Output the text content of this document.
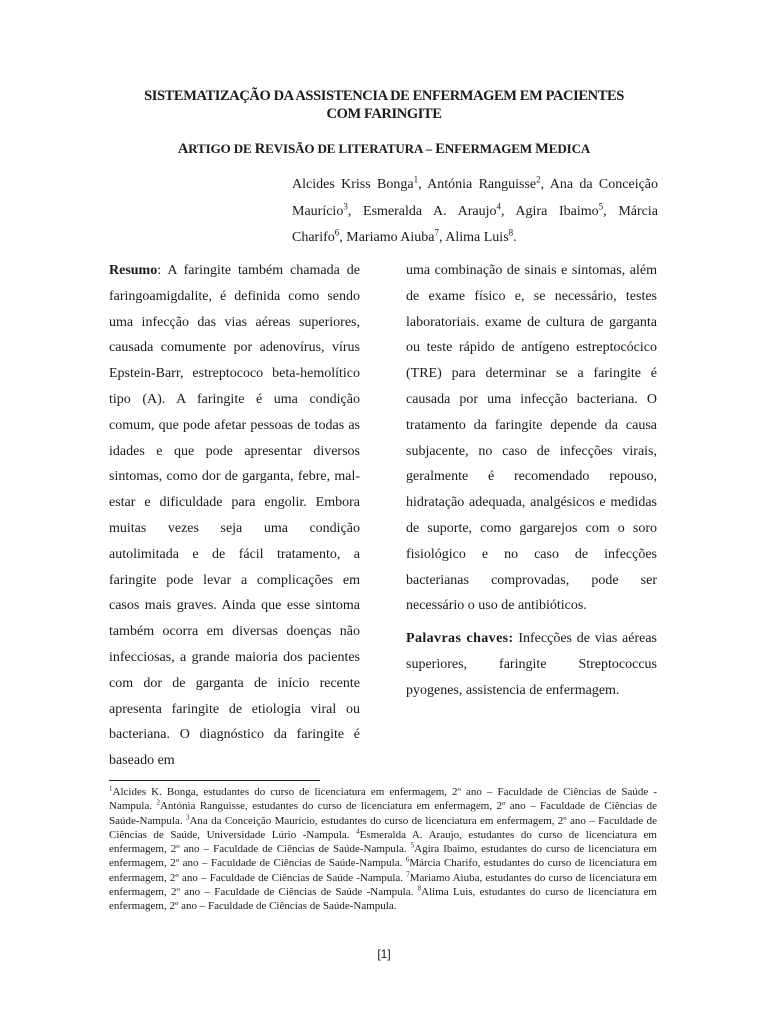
SISTEMATIZAÇÃO DA ASSISTENCIA DE ENFERMAGEM EM PACIENTES
COM FARINGITE
ARTIGO DE REVISÃO DE LITERATURA – ENFERMAGEM MEDICA
Alcides Kriss Bonga$^1$, Antónia Ranguisse$^2$, Ana da Conceição Maurício$^3$, Esmeralda A. Araujo$^4$, Agira Ibaimo$^5$, Márcia Charifo$^6$, Mariamo Aiuba$^7$, Alima Luis$^8$.
Resumo: A faringite também chamada de faringoamigdalite, é definida como sendo uma infecção das vias aéreas superiores, causada comumente por adenovírus, vírus Epstein-Barr, estreptococo beta-hemolítico tipo (A). A faringite é uma condição comum, que pode afetar pessoas de todas as idades e que pode apresentar diversos sintomas, como dor de garganta, febre, mal-estar e dificuldade para engolir. Embora muitas vezes seja uma condição autolimitada e de fácil tratamento, a faringite pode levar a complicações em casos mais graves. Ainda que esse sintoma também ocorra em diversas doenças não infecciosas, a grande maioria dos pacientes com dor de garganta de início recente apresenta faringite de etiologia viral ou bacteriana. O diagnóstico da faringite é baseado em
uma combinação de sinais e sintomas, além de exame físico e, se necessário, testes laboratoriais. exame de cultura de garganta ou teste rápido de antígeno estreptocócico (TRE) para determinar se a faringite é causada por uma infecção bacteriana. O tratamento da faringite depende da causa subjacente, no caso de infecções virais, geralmente é recomendado repouso, hidratação adequada, analgésicos e medidas de suporte, como gargarejos com o soro fisiológico e no caso de infecções bacterianas comprovadas, pode ser necessário o uso de antibióticos.
Palavras chaves: Infecções de vias aéreas superiores, faringite Streptococcus pyogenes, assistencia de enfermagem.
$^1$Alcides K. Bonga, estudantes do curso de licenciatura em enfermagem, 2º ano – Faculdade de Ciências de Saúde -Nampula. $^2$Antónia Ranguisse, estudantes do curso de licenciatura em enfermagem, 2º ano – Faculdade de Ciências de Saúde-Nampula. $^3$Ana da Conceição Maurício, estudantes do curso de licenciatura em enfermagem, 2º ano – Faculdade de Ciências de Saúde, Universidade Lúrio -Nampula. $^4$Esmeralda A. Araujo, estudantes do curso de licenciatura em enfermagem, 2º ano – Faculdade de Ciências de Saúde-Nampula. $^5$Agira Ibaimo, estudantes do curso de licenciatura em enfermagem, 2º ano – Faculdade de Ciências de Saúde-Nampula. $^6$Márcia Charifo, estudantes do curso de licenciatura em enfermagem, 2º ano – Faculdade de Ciências de Saúde -Nampula. $^7$Mariamo Aiuba, estudantes do curso de licenciatura em enfermagem, 2º ano – Faculdade de Ciências de Saúde -Nampula. $^8$Alima Luis, estudantes do curso de licenciatura em enfermagem, 2º ano – Faculdade de Ciências de Saúde-Nampula.
[1]
